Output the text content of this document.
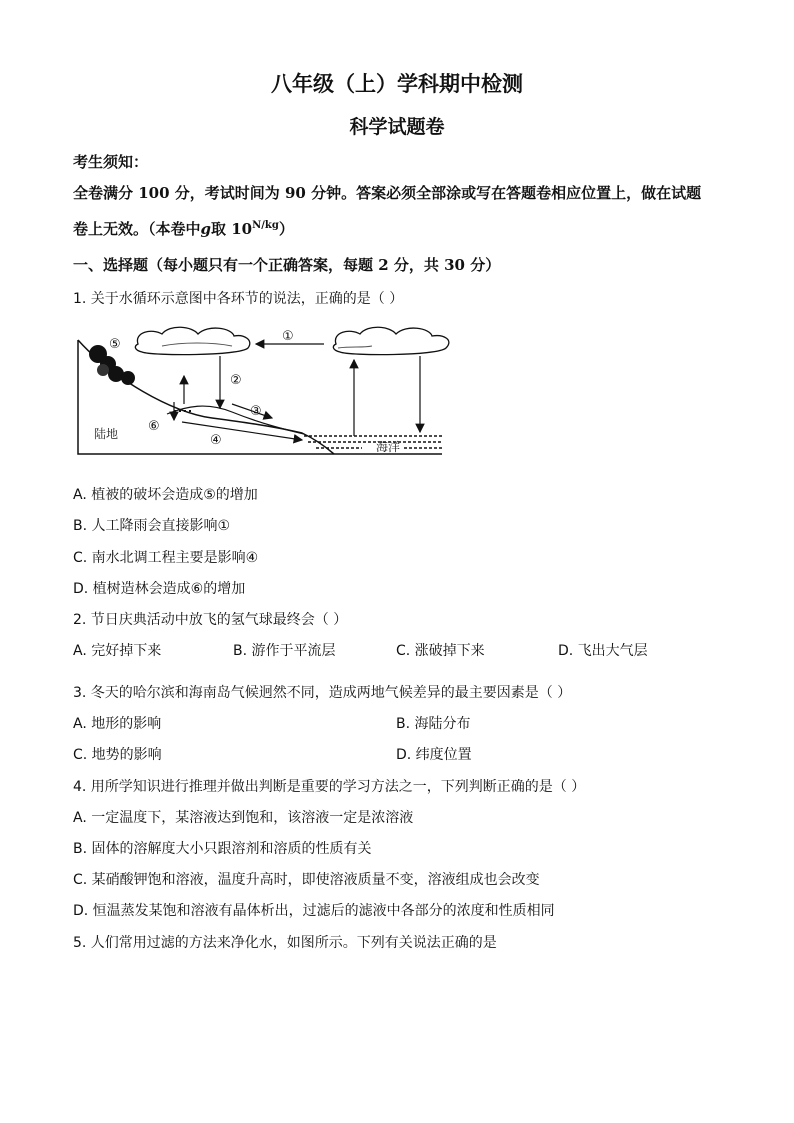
八年级（上）学科期中检测
科学试题卷
考生须知：
全卷满分 100 分，考试时间为 90 分钟。答案必须全部涂或写在答题卷相应位置上，做在试题
卷上无效。（本卷中g取 $10^{N/kg}$）
一、选择题（每小题只有一个正确答案，每题 2 分，共 30 分）
1. 关于水循环示意图中各环节的说法，正确的是（ ）
陆地
海洋
①
②
③
④
⑤
⑥
A. 植被的破坏会造成⑤的增加
B. 人工降雨会直接影响①
C. 南水北调工程主要是影响④
D. 植树造林会造成⑥的增加
2. 节日庆典活动中放飞的氢气球最终会（ ）
A. 完好掉下来	B. 游作于平流层	C. 涨破掉下来	D. 飞出大气层
3. 冬天的哈尔滨和海南岛气候迥然不同，造成两地气候差异的最主要因素是（ ）
A. 地形的影响	B. 海陆分布
C. 地势的影响	D. 纬度位置
4. 用所学知识进行推理并做出判断是重要的学习方法之一，下列判断正确的是（ ）
A. 一定温度下，某溶液达到饱和，该溶液一定是浓溶液
B. 固体的溶解度大小只跟溶剂和溶质的性质有关
C. 某硝酸钾饱和溶液，温度升高时，即使溶液质量不变，溶液组成也会改变
D. 恒温蒸发某饱和溶液有晶体析出，过滤后的滤液中各部分的浓度和性质相同
5. 人们常用过滤的方法来净化水，如图所示。下列有关说法正确的是
